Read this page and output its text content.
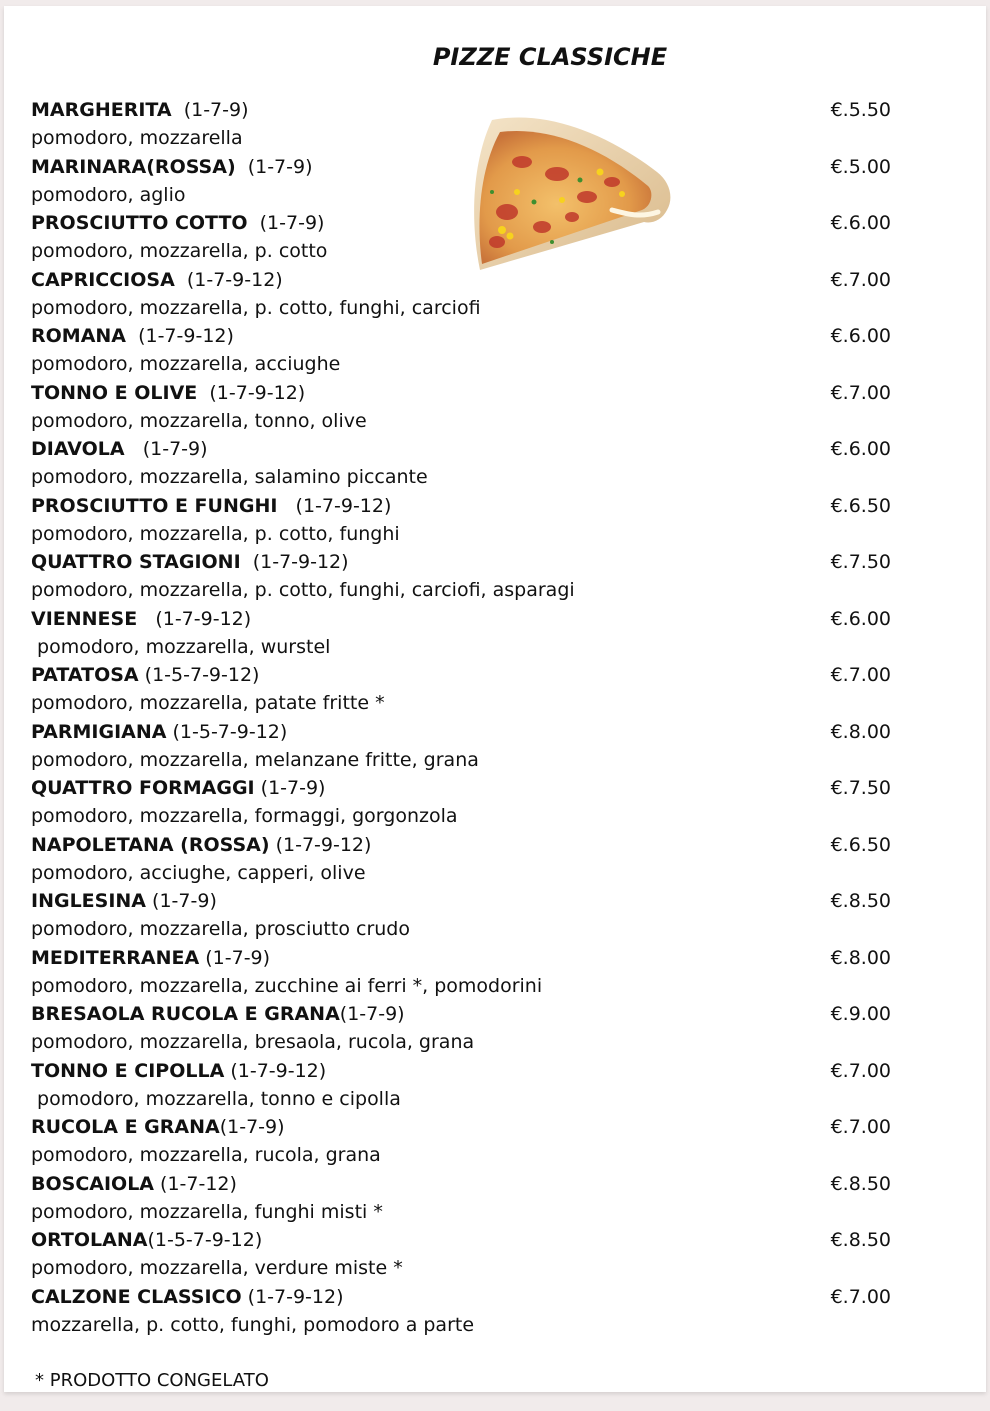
PIZZE CLASSICHE
MARGHERITA  (1-7-9)
pomodoro, mozzarella
€.5.50
MARINARA(ROSSA)  (1-7-9)
pomodoro, aglio
€.5.00
PROSCIUTTO COTTO  (1-7-9)
pomodoro, mozzarella, p. cotto
€.6.00
CAPRICCIOSA  (1-7-9-12)
pomodoro, mozzarella, p. cotto, funghi, carciofi
€.7.00
ROMANA  (1-7-9-12)
pomodoro, mozzarella, acciughe
€.6.00
TONNO E OLIVE  (1-7-9-12)
pomodoro, mozzarella, tonno, olive
€.7.00
DIAVOLA   (1-7-9)
pomodoro, mozzarella, salamino piccante
€.6.00
PROSCIUTTO E FUNGHI   (1-7-9-12)
pomodoro, mozzarella, p. cotto, funghi
€.6.50
QUATTRO STAGIONI  (1-7-9-12)
pomodoro, mozzarella, p. cotto, funghi, carciofi, asparagi
€.7.50
VIENNESE   (1-7-9-12)
pomodoro, mozzarella, wurstel
€.6.00
PATATOSA (1-5-7-9-12)
pomodoro, mozzarella, patate fritte *
€.7.00
PARMIGIANA (1-5-7-9-12)
pomodoro, mozzarella, melanzane fritte, grana
€.8.00
QUATTRO FORMAGGI (1-7-9)
pomodoro, mozzarella, formaggi, gorgonzola
€.7.50
NAPOLETANA (ROSSA) (1-7-9-12)
pomodoro, acciughe, capperi, olive
€.6.50
INGLESINA (1-7-9)
pomodoro, mozzarella, prosciutto crudo
€.8.50
MEDITERRANEA (1-7-9)
pomodoro, mozzarella, zucchine ai ferri *, pomodorini
€.8.00
BRESAOLA RUCOLA E GRANA(1-7-9)
pomodoro, mozzarella, bresaola, rucola, grana
€.9.00
TONNO E CIPOLLA (1-7-9-12)
pomodoro, mozzarella, tonno e cipolla
€.7.00
RUCOLA E GRANA(1-7-9)
pomodoro, mozzarella, rucola, grana
€.7.00
BOSCAIOLA (1-7-12)
pomodoro, mozzarella, funghi misti *
€.8.50
ORTOLANA(1-5-7-9-12)
pomodoro, mozzarella, verdure miste *
€.8.50
CALZONE CLASSICO (1-7-9-12)
mozzarella, p. cotto, funghi, pomodoro a parte
€.7.00

* PRODOTTO CONGELATO
